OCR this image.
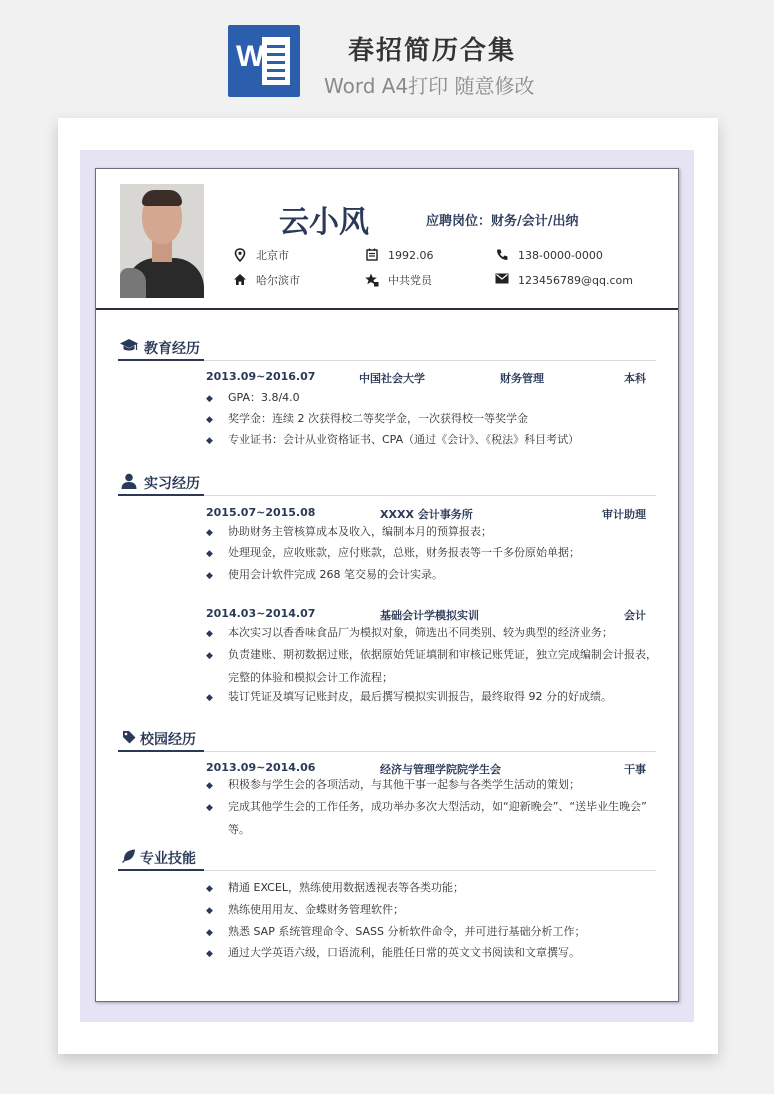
W	春招简历合集
Word A4打印 随意修改
云小风	应聘岗位：财务/会计/出纳
北京市	1992.06	138-0000-0000
哈尔滨市	中共党员	123456789@qq.com
教育经历
2013.09~2016.07	中国社会大学	财务管理	本科
◆ GPA：3.8/4.0
◆ 奖学金：连续 2 次获得校二等奖学金，一次获得校一等奖学金
◆ 专业证书：会计从业资格证书、CPA（通过《会计》、《税法》科目考试）
实习经历
2015.07~2015.08	XXXX 会计事务所	审计助理
◆ 协助财务主管核算成本及收入，编制本月的预算报表；
◆ 处理现金，应收账款，应付账款，总账，财务报表等一千多份原始单据；
◆ 使用会计软件完成 268 笔交易的会计实录。
2014.03~2014.07	基础会计学模拟实训	会计
◆ 本次实习以香香味食品厂为模拟对象，筛选出不同类别、较为典型的经济业务；
◆ 负责建账、期初数据过账，依据原始凭证填制和审核记账凭证，独立完成编制会计报表，
完整的体验和模拟会计工作流程；
◆ 装订凭证及填写记账封皮，最后撰写模拟实训报告，最终取得 92 分的好成绩。
校园经历
2013.09~2014.06	经济与管理学院院学生会	干事
◆ 积极参与学生会的各项活动，与其他干事一起参与各类学生活动的策划；
◆ 完成其他学生会的工作任务，成功举办多次大型活动，如“迎新晚会”、“送毕业生晚会”
等。
专业技能
◆ 精通 EXCEL，熟练使用数据透视表等各类功能；
◆ 熟练使用用友、金蝶财务管理软件；
◆ 熟悉 SAP 系统管理命令、SASS 分析软件命令，并可进行基础分析工作；
◆ 通过大学英语六级，口语流利，能胜任日常的英文文书阅读和文章撰写。
